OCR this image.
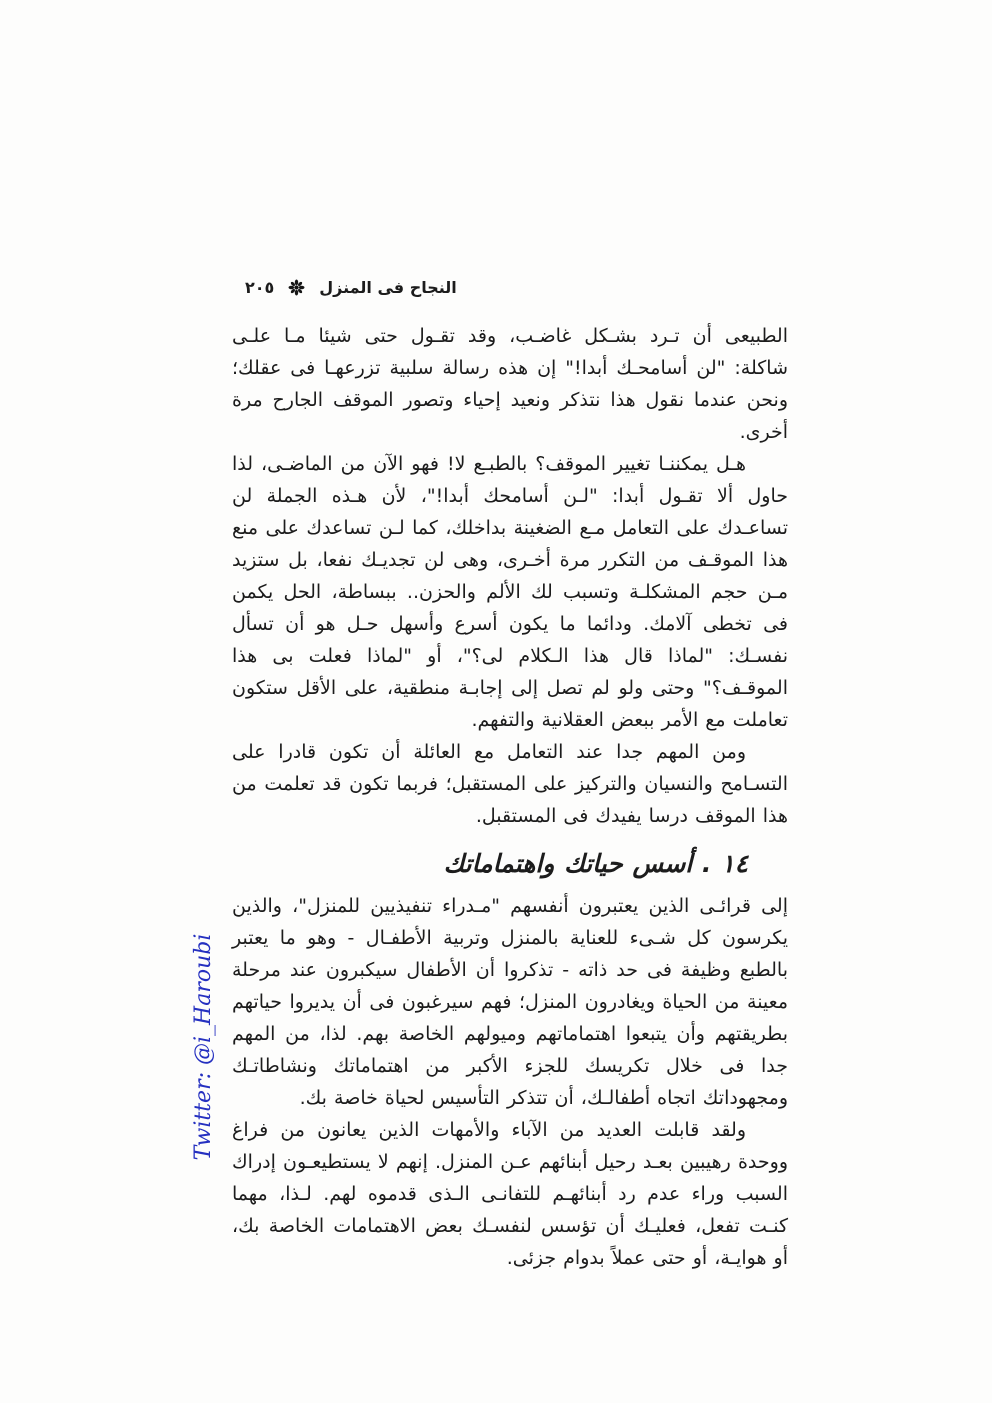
النجاح فى المنزل
٢٠٥
Twitter: @i_Haroubi

الطبيعى أن تـرد بشـكل غاضـب، وقد تقـول حتى شيئا مـا علـى شاكلة: "لن أسامحـك أبدا!" إن هذه رسالة سلبية تزرعهـا فى عقلك؛ ونحن عندما نقول هذا نتذكر ونعيد إحياء وتصور الموقف الجارح مرة أخرى.

هـل يمكننـا تغيير الموقف؟ بالطبـع لا! فهو الآن من الماضـى، لذا حاول ألا تقـول أبدا: "لـن أسامحك أبدا!"، لأن هـذه الجملة لن تساعـدك على التعامل مـع الضغينة بداخلك، كما لـن تساعدك على منع هذا الموقـف من التكرر مرة أخـرى، وهى لن تجديـك نفعا، بل ستزيد مـن حجم المشكلـة وتسبب لك الألم والحزن.. ببساطة، الحل يكمن فى تخطى آلامك. ودائما ما يكون أسرع وأسهل حـل هو أن تسأل نفسـك: "لماذا قال هذا الـكلام لى؟"، أو "لماذا فعلت بى هذا الموقـف؟" وحتى ولو لم تصل إلى إجابـة منطقية، على الأقل ستكون تعاملت مع الأمر ببعض العقلانية والتفهم.

ومن المهم جدا عند التعامل مع العائلة أن تكون قادرا على التسـامح والنسيان والتركيز على المستقبل؛ فربما تكون قد تعلمت من هذا الموقف درسا يفيدك فى المستقبل.

١٤ . أسس حياتك واهتماماتك

إلى قرائـى الذين يعتبرون أنفسهم "مـدراء تنفيذيين للمنزل"، والذين يكرسون كل شـىء للعناية بالمنزل وتربية الأطفـال - وهو ما يعتبر بالطبع وظيفة فى حد ذاته - تذكروا أن الأطفال سيكبرون عند مرحلة معينة من الحياة ويغادرون المنزل؛ فهم سيرغبون فى أن يديروا حياتهم بطريقتهم وأن يتبعوا اهتماماتهم وميولهم الخاصة بهم. لذا، من المهم جدا فى خلال تكريسك للجزء الأكبر من اهتماماتك ونشاطاتـك ومجهوداتك اتجاه أطفالـك، أن تتذكر التأسيس لحياة خاصة بك.

ولقد قابلت العديد من الآباء والأمهات الذين يعانون من فراغ ووحدة رهيبين بعـد رحيل أبنائهم عـن المنزل. إنهم لا يستطيعـون إدراك السبب وراء عدم رد أبنائهـم للتفانـى الـذى قدموه لهم. لـذا، مهما كنـت تفعل، فعليـك أن تؤسس لنفسـك بعض الاهتمامات الخاصة بك، أو هوايـة، أو حتى عملاً بدوام جزئى.
